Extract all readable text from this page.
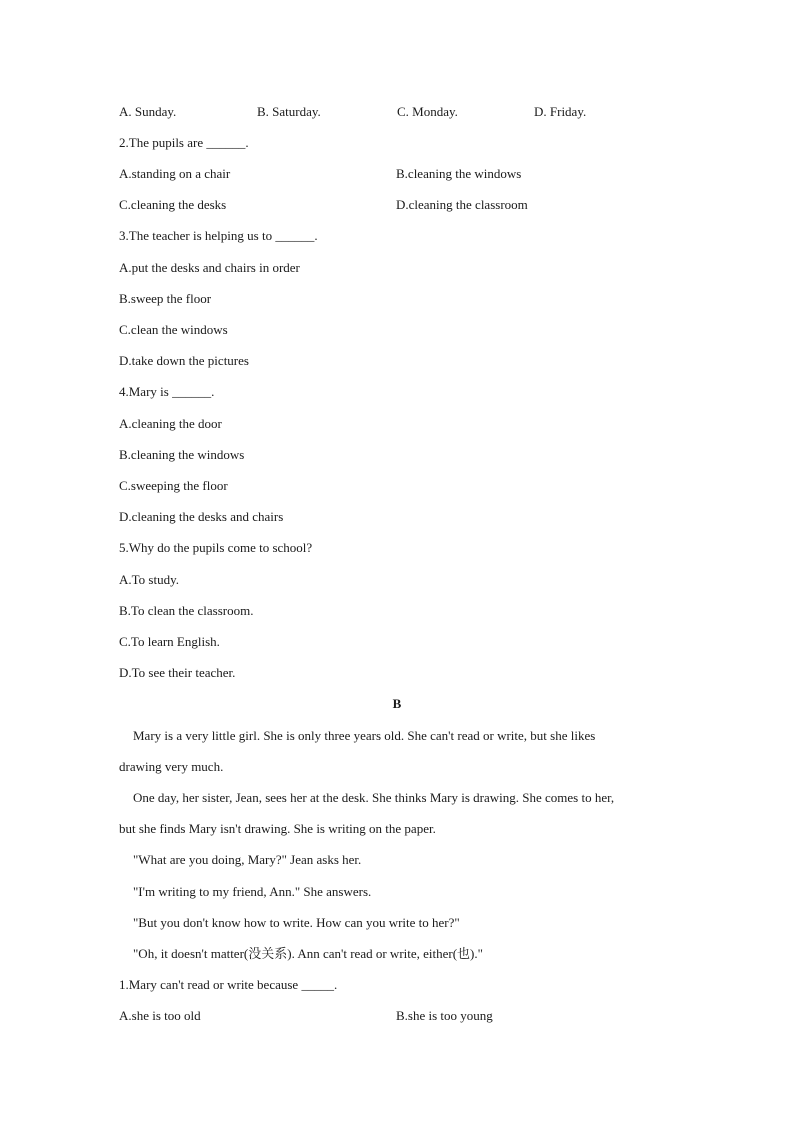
A. Sunday.	B. Saturday.	C. Monday.	D. Friday.
2.The pupils are ______.
A.standing on a chair	B.cleaning the windows
C.cleaning the desks	D.cleaning the classroom
3.The teacher is helping us to ______.
A.put the desks and chairs in order
B.sweep the floor
C.clean the windows
D.take down the pictures
4.Mary is ______.
A.cleaning the door
B.cleaning the windows
C.sweeping the floor
D.cleaning the desks and chairs
5.Why do the pupils come to school?
A.To study.
B.To clean the classroom.
C.To learn English.
D.To see their teacher.
B
Mary is a very little girl. She is only three years old. She can't read or write, but she likes
drawing very much.
One day, her sister, Jean, sees her at the desk. She thinks Mary is drawing. She comes to her,
but she finds Mary isn't drawing. She is writing on the paper.
"What are you doing, Mary?" Jean asks her.
"I'm writing to my friend, Ann." She answers.
"But you don't know how to write. How can you write to her?"
"Oh, it doesn't matter(没关系). Ann can't read or write, either(也)."
1.Mary can't read or write because _____.
A.she is too old	B.she is too young
